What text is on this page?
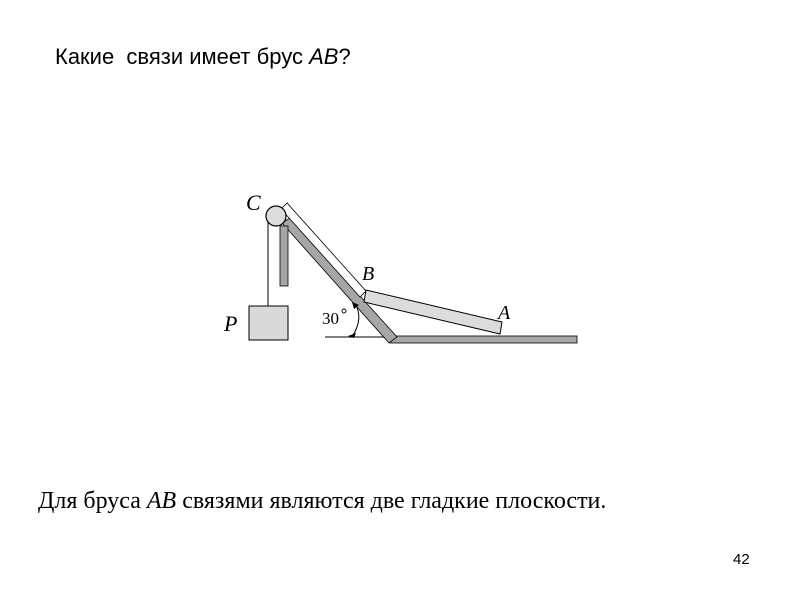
Какие  связи имеет брус AB?
C
B
A
P	30
Для бруса AB связями являются две гладкие плоскости.
42
